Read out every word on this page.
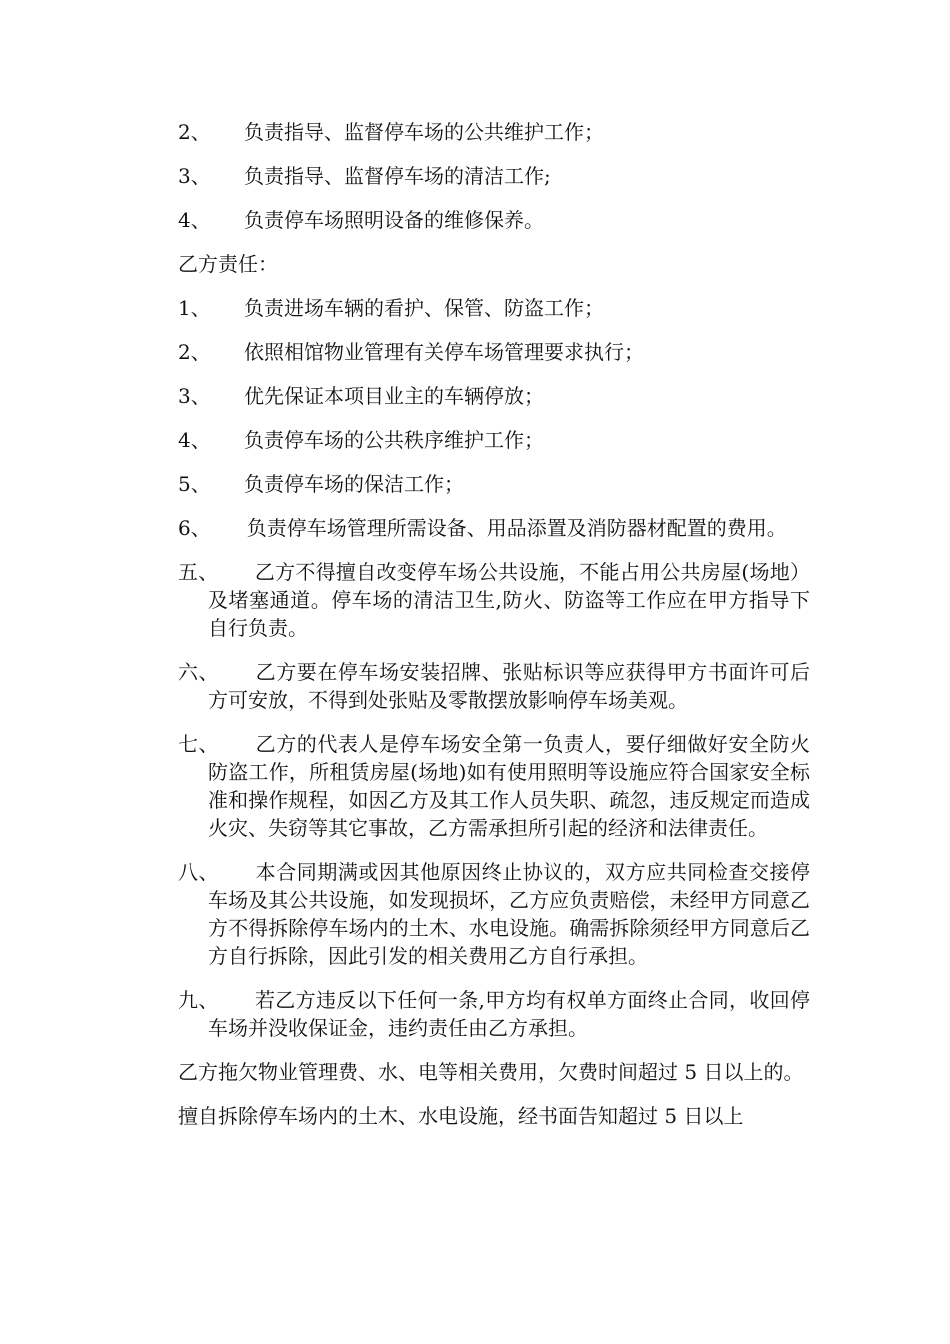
2、	负责指导、监督停车场的公共维护工作；
3、	负责指导、监督停车场的清洁工作;
4、	负责停车场照明设备的维修保养。
乙方责任：
1、	负责进场车辆的看护、保管、防盗工作；
2、	依照相馆物业管理有关停车场管理要求执行；
3、	优先保证本项目业主的车辆停放；
4、	负责停车场的公共秩序维护工作；
5、	负责停车场的保洁工作；
6、 负责停车场管理所需设备、用品添置及消防器材配置的费用。
五、 乙方不得擅自改变停车场公共设施，不能占用公共房屋(场地）及堵塞通道。停车场的清洁卫生,防火、防盗等工作应在甲方指导下自行负责。
六、 乙方要在停车场安装招牌、张贴标识等应获得甲方书面许可后方可安放，不得到处张贴及零散摆放影响停车场美观。
七、 乙方的代表人是停车场安全第一负责人，要仔细做好安全防火防盗工作，所租赁房屋(场地)如有使用照明等设施应符合国家安全标准和操作规程，如因乙方及其工作人员失职、疏忽，违反规定而造成火灾、失窃等其它事故，乙方需承担所引起的经济和法律责任。
八、 本合同期满或因其他原因终止协议的，双方应共同检查交接停车场及其公共设施，如发现损坏，乙方应负责赔偿，未经甲方同意乙方不得拆除停车场内的土木、水电设施。确需拆除须经甲方同意后乙方自行拆除，因此引发的相关费用乙方自行承担。
九、 若乙方违反以下任何一条,甲方均有权单方面终止合同，收回停车场并没收保证金，违约责任由乙方承担。
乙方拖欠物业管理费、水、电等相关费用，欠费时间超过 5 日以上的。
擅自拆除停车场内的土木、水电设施，经书面告知超过 5 日以上
